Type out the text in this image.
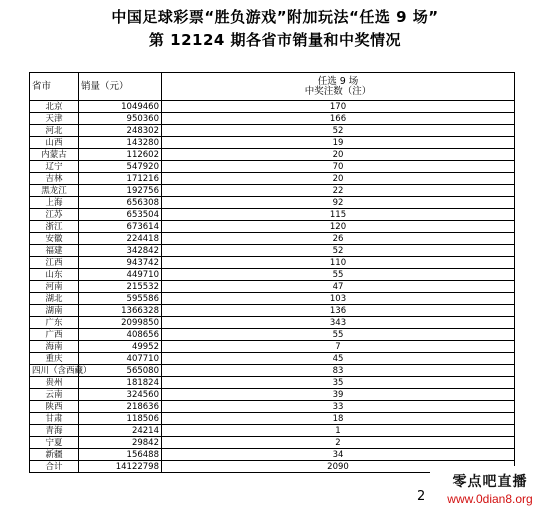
中国足球彩票“胜负游戏”附加玩法“任选 9 场”
第 12124 期各省市销量和中奖情况
省市	销量（元）	任选 9 场
中奖注数（注）

北京	1049460	170
天津	950360	166
河北	248302	52
山西	143280	19
内蒙古	112602	20
辽宁	547920	70
吉林	171216	20
黑龙江	192756	22
上海	656308	92
江苏	653504	115
浙江	673614	120
安徽	224418	26
福建	342842	52
江西	943742	110
山东	449710	55
河南	215532	47
湖北	595586	103
湖南	1366328	136
广东	2099850	343
广西	408656	55
海南	49952	7
重庆	407710	45
四川（含西藏）	565080	83
贵州	181824	35
云南	324560	39
陕西	218636	33
甘肃	118506	18
青海	24214	1
宁夏	29842	2
新疆	156488	34
合计	14122798	2090
2
零点吧直播
www.0dian8.org
